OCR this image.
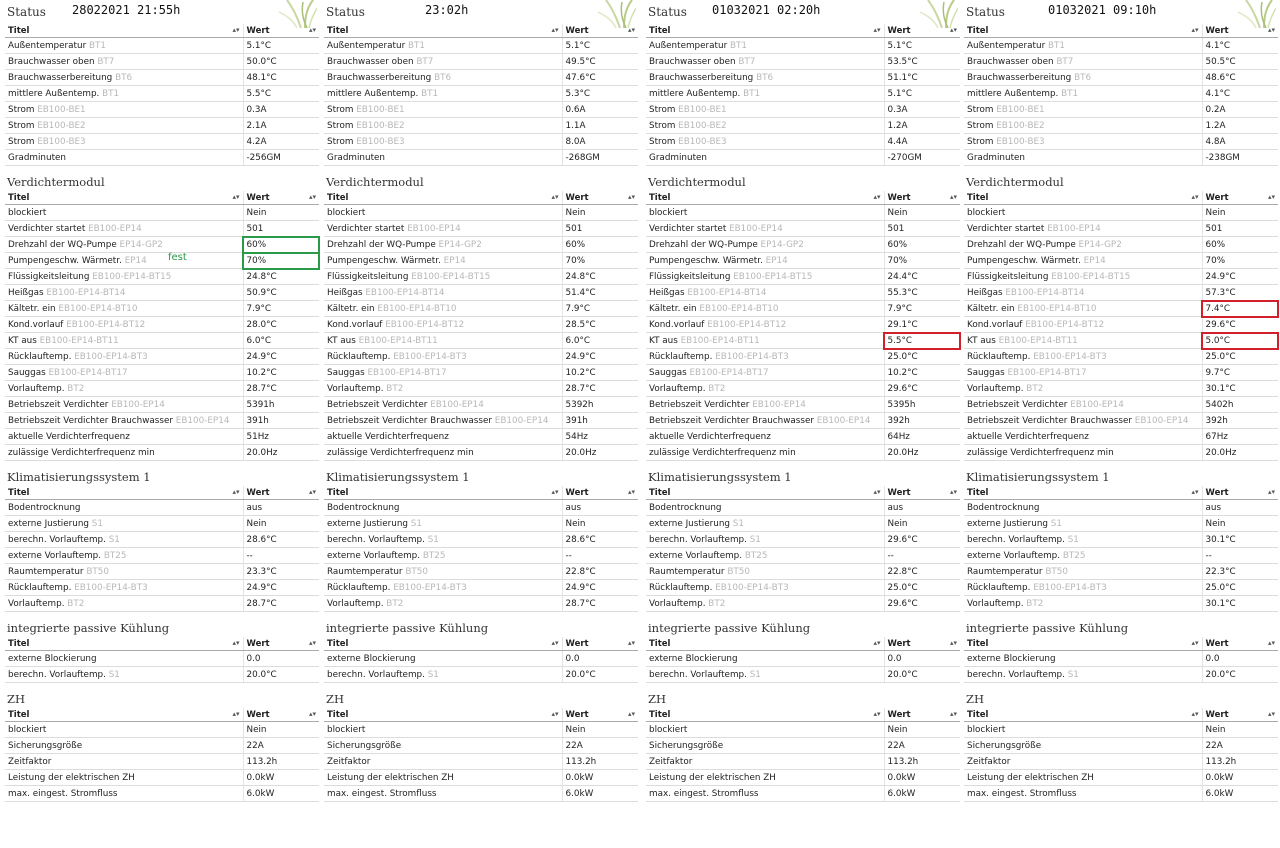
Status 28022021 21:55h
Titel ▴▾	Wert ▴▾

Außentemperatur BT1	5.1°C
Brauchwasser oben BT7	50.0°C
Brauchwasserbereitung BT6	48.1°C
mittlere Außentemp. BT1	5.5°C
Strom EB100-BE1	0.3A
Strom EB100-BE2	2.1A
Strom EB100-BE3	4.2A
Gradminuten	-256GM
Verdichtermodul
Titel ▴▾	Wert ▴▾

blockiert	Nein
Verdichter startet EB100-EP14	501
Drehzahl der WQ-Pumpe EP14-GP2	60%
Pumpengeschw. Wärmetr. EP14	70%
Flüssigkeitsleitung EB100-EP14-BT15	24.8°C
Heißgas EB100-EP14-BT14	50.9°C
Kältetr. ein EB100-EP14-BT10	7.9°C
Kond.vorlauf EB100-EP14-BT12	28.0°C
KT aus EB100-EP14-BT11	6.0°C
Rücklauftemp. EB100-EP14-BT3	24.9°C
Sauggas EB100-EP14-BT17	10.2°C
Vorlauftemp. BT2	28.7°C
Betriebszeit Verdichter EB100-EP14	5391h
Betriebszeit Verdichter Brauchwasser EB100-EP14	391h
aktuelle Verdichterfrequenz	51Hz
zulässige Verdichterfrequenz min	20.0Hz
Klimatisierungssystem 1
Titel ▴▾	Wert ▴▾

Bodentrocknung	aus
externe Justierung S1	Nein
berechn. Vorlauftemp. S1	28.6°C
externe Vorlauftemp. BT25	--
Raumtemperatur BT50	23.3°C
Rücklauftemp. EB100-EP14-BT3	24.9°C
Vorlauftemp. BT2	28.7°C
integrierte passive Kühlung
Titel ▴▾	Wert ▴▾

externe Blockierung	0.0
berechn. Vorlauftemp. S1	20.0°C
ZH
Titel ▴▾	Wert ▴▾

blockiert	Nein
Sicherungsgröße	22A
Zeitfaktor	113.2h
Leistung der elektrischen ZH	0.0kW
max. eingest. Stromfluss	6.0kW
fest
Status	23:02h
Titel ▴▾	Wert ▴▾

Außentemperatur BT1	5.1°C
Brauchwasser oben BT7	49.5°C
Brauchwasserbereitung BT6	47.6°C
mittlere Außentemp. BT1	5.3°C
Strom EB100-BE1	0.6A
Strom EB100-BE2	1.1A
Strom EB100-BE3	8.0A
Gradminuten	-268GM
Verdichtermodul
Titel ▴▾	Wert ▴▾

blockiert	Nein
Verdichter startet EB100-EP14	501
Drehzahl der WQ-Pumpe EP14-GP2	60%
Pumpengeschw. Wärmetr. EP14	70%
Flüssigkeitsleitung EB100-EP14-BT15	24.8°C
Heißgas EB100-EP14-BT14	51.4°C
Kältetr. ein EB100-EP14-BT10	7.9°C
Kond.vorlauf EB100-EP14-BT12	28.5°C
KT aus EB100-EP14-BT11	6.0°C
Rücklauftemp. EB100-EP14-BT3	24.9°C
Sauggas EB100-EP14-BT17	10.2°C
Vorlauftemp. BT2	28.7°C
Betriebszeit Verdichter EB100-EP14	5392h
Betriebszeit Verdichter Brauchwasser EB100-EP14	391h
aktuelle Verdichterfrequenz	54Hz
zulässige Verdichterfrequenz min	20.0Hz
Klimatisierungssystem 1
Titel ▴▾	Wert ▴▾

Bodentrocknung	aus
externe Justierung S1	Nein
berechn. Vorlauftemp. S1	28.6°C
externe Vorlauftemp. BT25	--
Raumtemperatur BT50	22.8°C
Rücklauftemp. EB100-EP14-BT3	24.9°C
Vorlauftemp. BT2	28.7°C
integrierte passive Kühlung
Titel ▴▾	Wert ▴▾

externe Blockierung	0.0
berechn. Vorlauftemp. S1	20.0°C
ZH
Titel ▴▾	Wert ▴▾

blockiert	Nein
Sicherungsgröße	22A
Zeitfaktor	113.2h
Leistung der elektrischen ZH	0.0kW
max. eingest. Stromfluss	6.0kW
Status 01032021 02:20h
Titel ▴▾	Wert ▴▾

Außentemperatur BT1	5.1°C
Brauchwasser oben BT7	53.5°C
Brauchwasserbereitung BT6	51.1°C
mittlere Außentemp. BT1	5.1°C
Strom EB100-BE1	0.3A
Strom EB100-BE2	1.2A
Strom EB100-BE3	4.4A
Gradminuten	-270GM
Verdichtermodul
Titel ▴▾	Wert ▴▾

blockiert	Nein
Verdichter startet EB100-EP14	501
Drehzahl der WQ-Pumpe EP14-GP2	60%
Pumpengeschw. Wärmetr. EP14	70%
Flüssigkeitsleitung EB100-EP14-BT15	24.4°C
Heißgas EB100-EP14-BT14	55.3°C
Kältetr. ein EB100-EP14-BT10	7.9°C
Kond.vorlauf EB100-EP14-BT12	29.1°C
KT aus EB100-EP14-BT11	5.5°C
Rücklauftemp. EB100-EP14-BT3	25.0°C
Sauggas EB100-EP14-BT17	10.2°C
Vorlauftemp. BT2	29.6°C
Betriebszeit Verdichter EB100-EP14	5395h
Betriebszeit Verdichter Brauchwasser EB100-EP14	392h
aktuelle Verdichterfrequenz	64Hz
zulässige Verdichterfrequenz min	20.0Hz
Klimatisierungssystem 1
Titel ▴▾	Wert ▴▾

Bodentrocknung	aus
externe Justierung S1	Nein
berechn. Vorlauftemp. S1	29.6°C
externe Vorlauftemp. BT25	--
Raumtemperatur BT50	22.8°C
Rücklauftemp. EB100-EP14-BT3	25.0°C
Vorlauftemp. BT2	29.6°C
integrierte passive Kühlung
Titel ▴▾	Wert ▴▾

externe Blockierung	0.0
berechn. Vorlauftemp. S1	20.0°C
ZH
Titel ▴▾	Wert ▴▾

blockiert	Nein
Sicherungsgröße	22A
Zeitfaktor	113.2h
Leistung der elektrischen ZH	0.0kW
max. eingest. Stromfluss	6.0kW
Status	01032021 09:10h
Titel ▴▾	Wert ▴▾

Außentemperatur BT1	4.1°C
Brauchwasser oben BT7	50.5°C
Brauchwasserbereitung BT6	48.6°C
mittlere Außentemp. BT1	4.1°C
Strom EB100-BE1	0.2A
Strom EB100-BE2	1.2A
Strom EB100-BE3	4.8A
Gradminuten	-238GM
Verdichtermodul
Titel ▴▾	Wert ▴▾

blockiert	Nein
Verdichter startet EB100-EP14	501
Drehzahl der WQ-Pumpe EP14-GP2	60%
Pumpengeschw. Wärmetr. EP14	70%
Flüssigkeitsleitung EB100-EP14-BT15	24.9°C
Heißgas EB100-EP14-BT14	57.3°C
Kältetr. ein EB100-EP14-BT10	7.4°C
Kond.vorlauf EB100-EP14-BT12	29.6°C
KT aus EB100-EP14-BT11	5.0°C
Rücklauftemp. EB100-EP14-BT3	25.0°C
Sauggas EB100-EP14-BT17	9.7°C
Vorlauftemp. BT2	30.1°C
Betriebszeit Verdichter EB100-EP14	5402h
Betriebszeit Verdichter Brauchwasser EB100-EP14	392h
aktuelle Verdichterfrequenz	67Hz
zulässige Verdichterfrequenz min	20.0Hz
Klimatisierungssystem 1
Titel ▴▾	Wert ▴▾

Bodentrocknung	aus
externe Justierung S1	Nein
berechn. Vorlauftemp. S1	30.1°C
externe Vorlauftemp. BT25	--
Raumtemperatur BT50	22.3°C
Rücklauftemp. EB100-EP14-BT3	25.0°C
Vorlauftemp. BT2	30.1°C
integrierte passive Kühlung
Titel ▴▾	Wert ▴▾

externe Blockierung	0.0
berechn. Vorlauftemp. S1	20.0°C
ZH
Titel ▴▾	Wert ▴▾

blockiert	Nein
Sicherungsgröße	22A
Zeitfaktor	113.2h
Leistung der elektrischen ZH	0.0kW
max. eingest. Stromfluss	6.0kW
